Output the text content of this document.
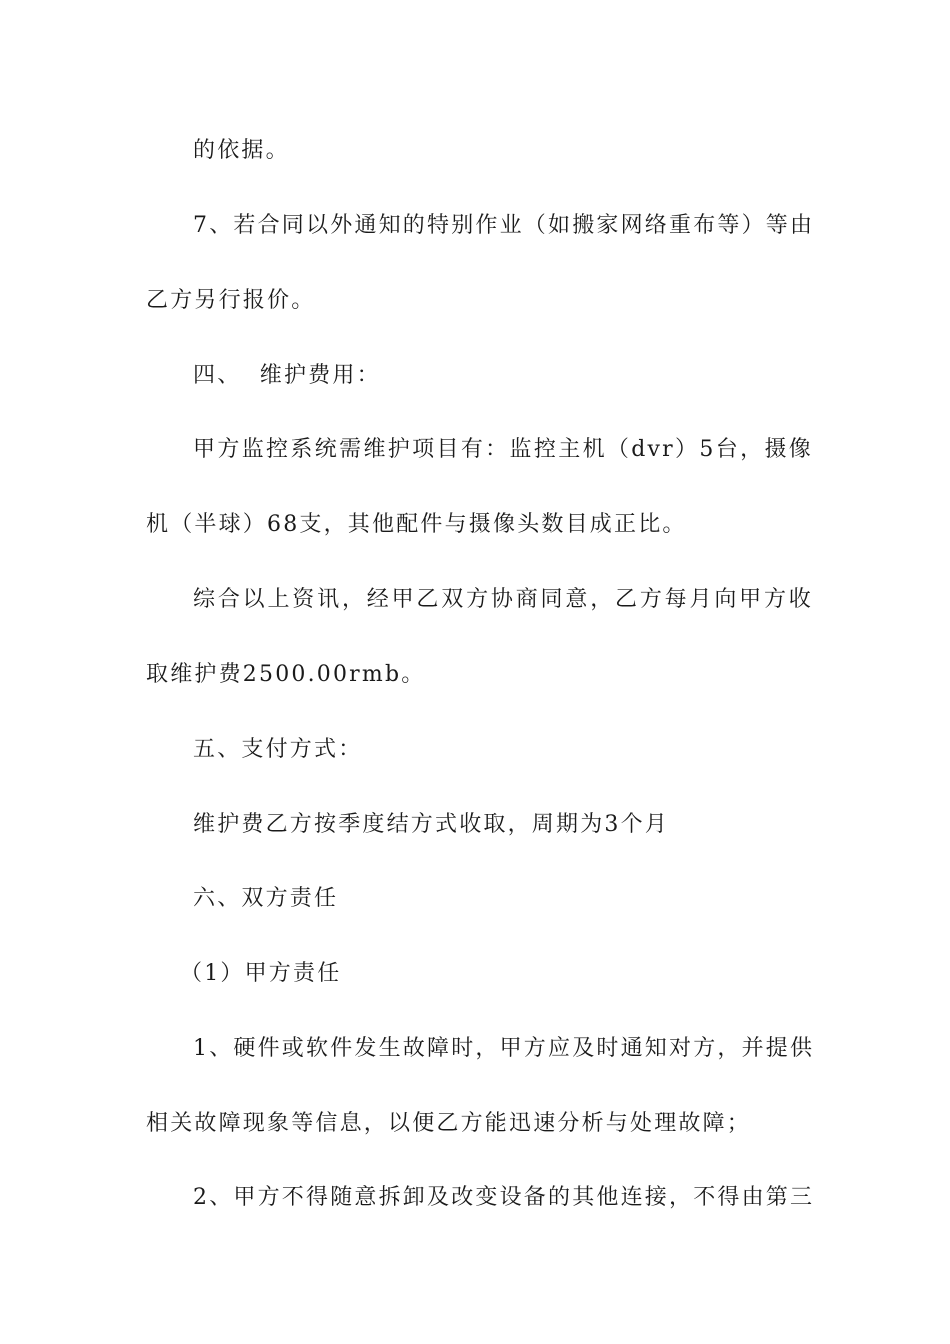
的依据。
7、若合同以外通知的特别作业（如搬家网络重布等）等由
乙方另行报价。
四、  维护费用：
甲方监控系统需维护项目有：监控主机（dvr）5台，摄像
机（半球）68支，其他配件与摄像头数目成正比。
综合以上资讯，经甲乙双方协商同意，乙方每月向甲方收
取维护费2500.00rmb。
五、支付方式：
维护费乙方按季度结方式收取，周期为3个月
六、双方责任
（1）甲方责任
1、硬件或软件发生故障时，甲方应及时通知对方，并提供
相关故障现象等信息，以便乙方能迅速分析与处理故障；
2、甲方不得随意拆卸及改变设备的其他连接，不得由第三
